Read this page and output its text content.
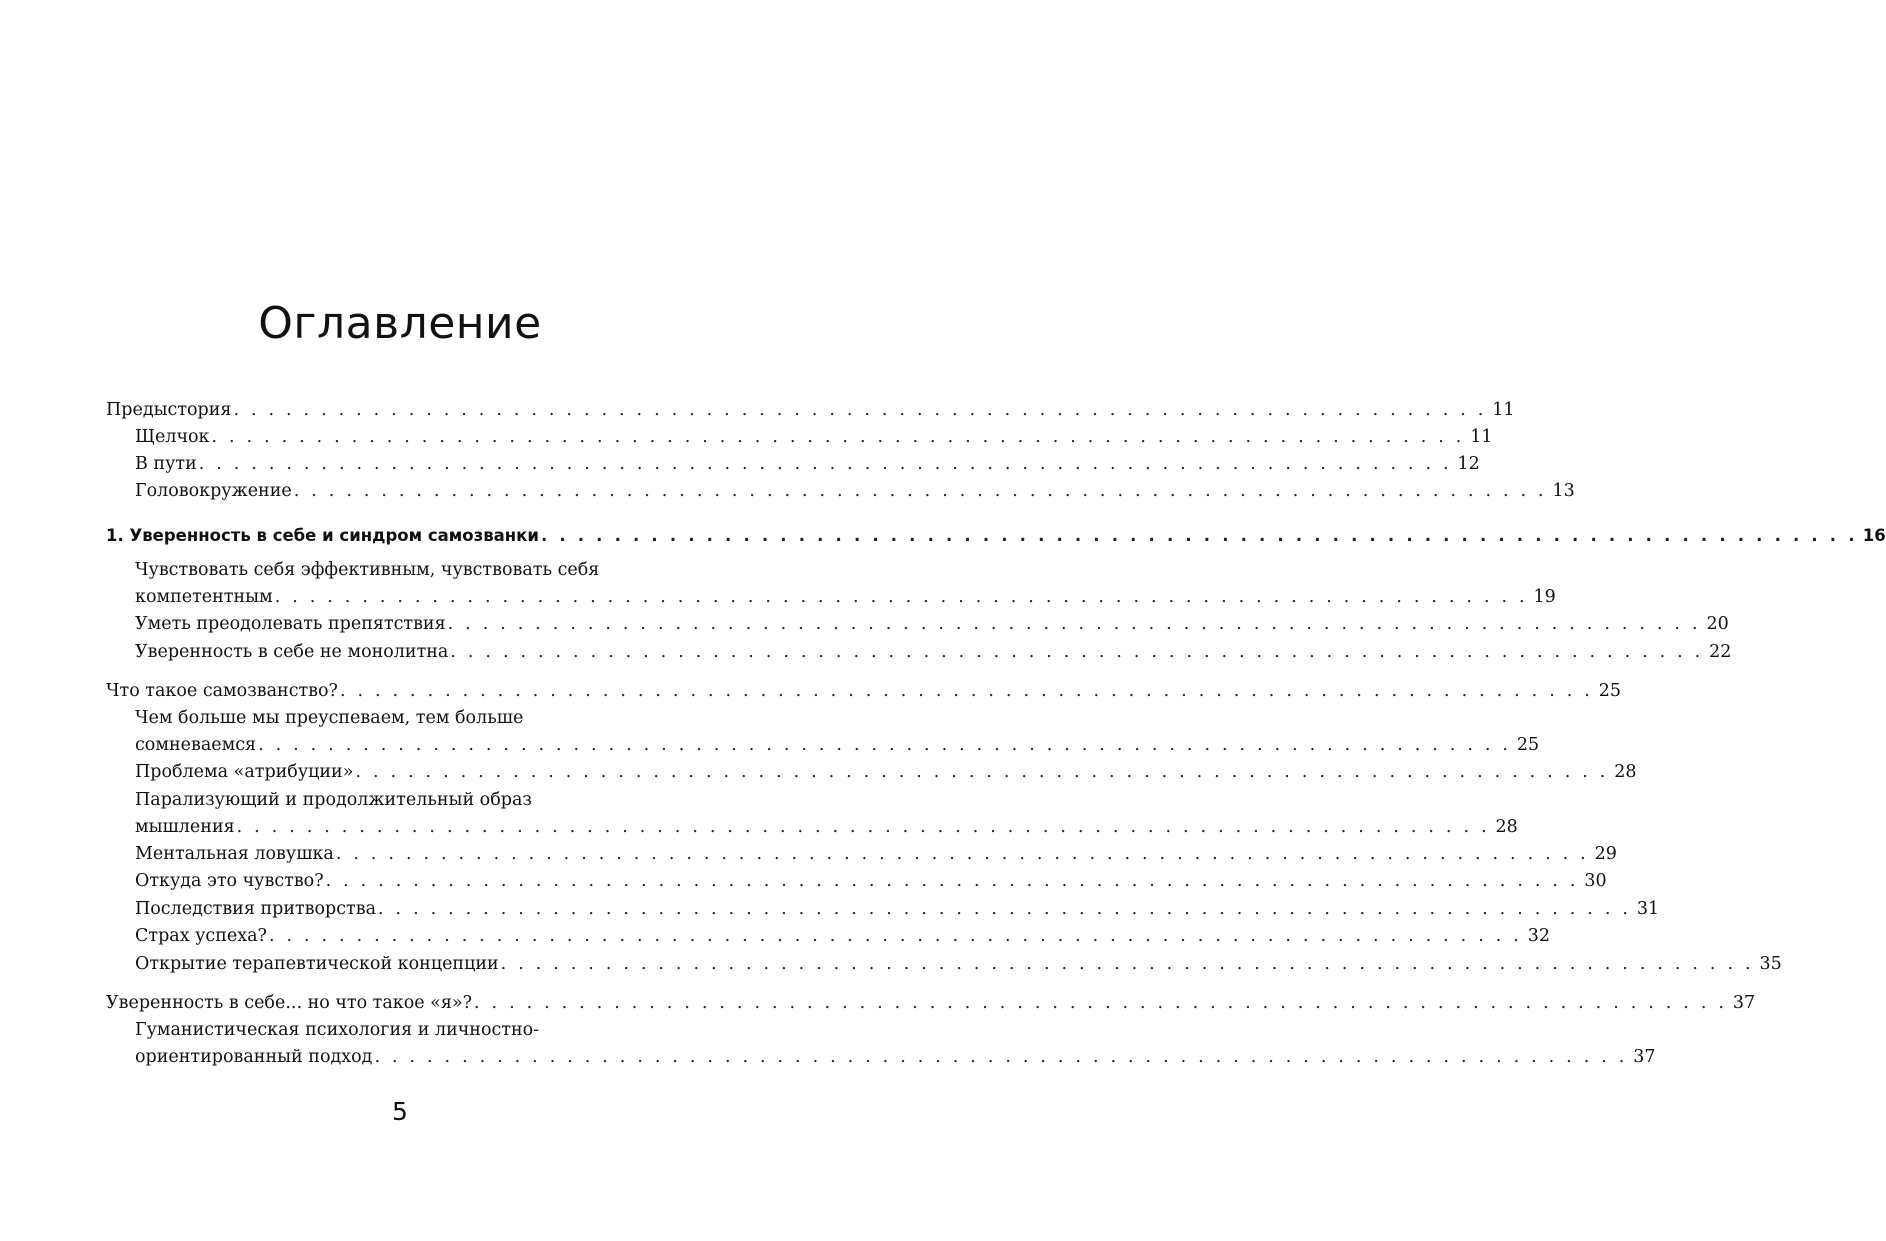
Оглавление
Предыстория . . . . . . . . . . . . . . . . . . . . . . . . . . . . . . . . . . . . . . . . . . . . . . . . . . . . . . . . . . . . . . . . . . . . . . . . 11
Щелчок . . . . . . . . . . . . . . . . . . . . . . . . . . . . . . . . . . . . . . . . . . . . . . . . . . . . . . . . . . . . . . . . . . . . . . . . 11
В пути . . . . . . . . . . . . . . . . . . . . . . . . . . . . . . . . . . . . . . . . . . . . . . . . . . . . . . . . . . . . . . . . . . . . . . . . 12
Головокружение . . . . . . . . . . . . . . . . . . . . . . . . . . . . . . . . . . . . . . . . . . . . . . . . . . . . . . . . . . . . . . . . . . . . . . . . 13
1. Уверенность в себе и синдром самозванки . . . . . . . . . . . . . . . . . . . . . . . . . . . . . . . . . . . . . . . . . . . . . . . . . . . . . . . . . . . . . . . . . . . . . . . . 16
Чувствовать себя эффективным, чувствовать себя
компетентным . . . . . . . . . . . . . . . . . . . . . . . . . . . . . . . . . . . . . . . . . . . . . . . . . . . . . . . . . . . . . . . . . . . . . . . . 19
Уметь преодолевать препятствия . . . . . . . . . . . . . . . . . . . . . . . . . . . . . . . . . . . . . . . . . . . . . . . . . . . . . . . . . . . . . . . . . . . . . . . . 20
Уверенность в себе не монолитна . . . . . . . . . . . . . . . . . . . . . . . . . . . . . . . . . . . . . . . . . . . . . . . . . . . . . . . . . . . . . . . . . . . . . . . . 22
Что такое самозванство? . . . . . . . . . . . . . . . . . . . . . . . . . . . . . . . . . . . . . . . . . . . . . . . . . . . . . . . . . . . . . . . . . . . . . . . . 25
Чем больше мы преуспеваем, тем больше
сомневаемся . . . . . . . . . . . . . . . . . . . . . . . . . . . . . . . . . . . . . . . . . . . . . . . . . . . . . . . . . . . . . . . . . . . . . . . . 25
Проблема «атрибуции» . . . . . . . . . . . . . . . . . . . . . . . . . . . . . . . . . . . . . . . . . . . . . . . . . . . . . . . . . . . . . . . . . . . . . . . . 28
Парализующий и продолжительный образ
мышления . . . . . . . . . . . . . . . . . . . . . . . . . . . . . . . . . . . . . . . . . . . . . . . . . . . . . . . . . . . . . . . . . . . . . . . . 28
Ментальная ловушка . . . . . . . . . . . . . . . . . . . . . . . . . . . . . . . . . . . . . . . . . . . . . . . . . . . . . . . . . . . . . . . . . . . . . . . . 29
Откуда это чувство? . . . . . . . . . . . . . . . . . . . . . . . . . . . . . . . . . . . . . . . . . . . . . . . . . . . . . . . . . . . . . . . . . . . . . . . . 30
Последствия притворства . . . . . . . . . . . . . . . . . . . . . . . . . . . . . . . . . . . . . . . . . . . . . . . . . . . . . . . . . . . . . . . . . . . . . . . . 31
Страх успеха? . . . . . . . . . . . . . . . . . . . . . . . . . . . . . . . . . . . . . . . . . . . . . . . . . . . . . . . . . . . . . . . . . . . . . . . . 32
Открытие терапевтической концепции . . . . . . . . . . . . . . . . . . . . . . . . . . . . . . . . . . . . . . . . . . . . . . . . . . . . . . . . . . . . . . . . . . . . . . . . 35
Уверенность в себе... но что такое «я»? . . . . . . . . . . . . . . . . . . . . . . . . . . . . . . . . . . . . . . . . . . . . . . . . . . . . . . . . . . . . . . . . . . . . . . . . 37
Гуманистическая психология и личностно-
ориентированный подход . . . . . . . . . . . . . . . . . . . . . . . . . . . . . . . . . . . . . . . . . . . . . . . . . . . . . . . . . . . . . . . . . . . . . . . . 37
5
